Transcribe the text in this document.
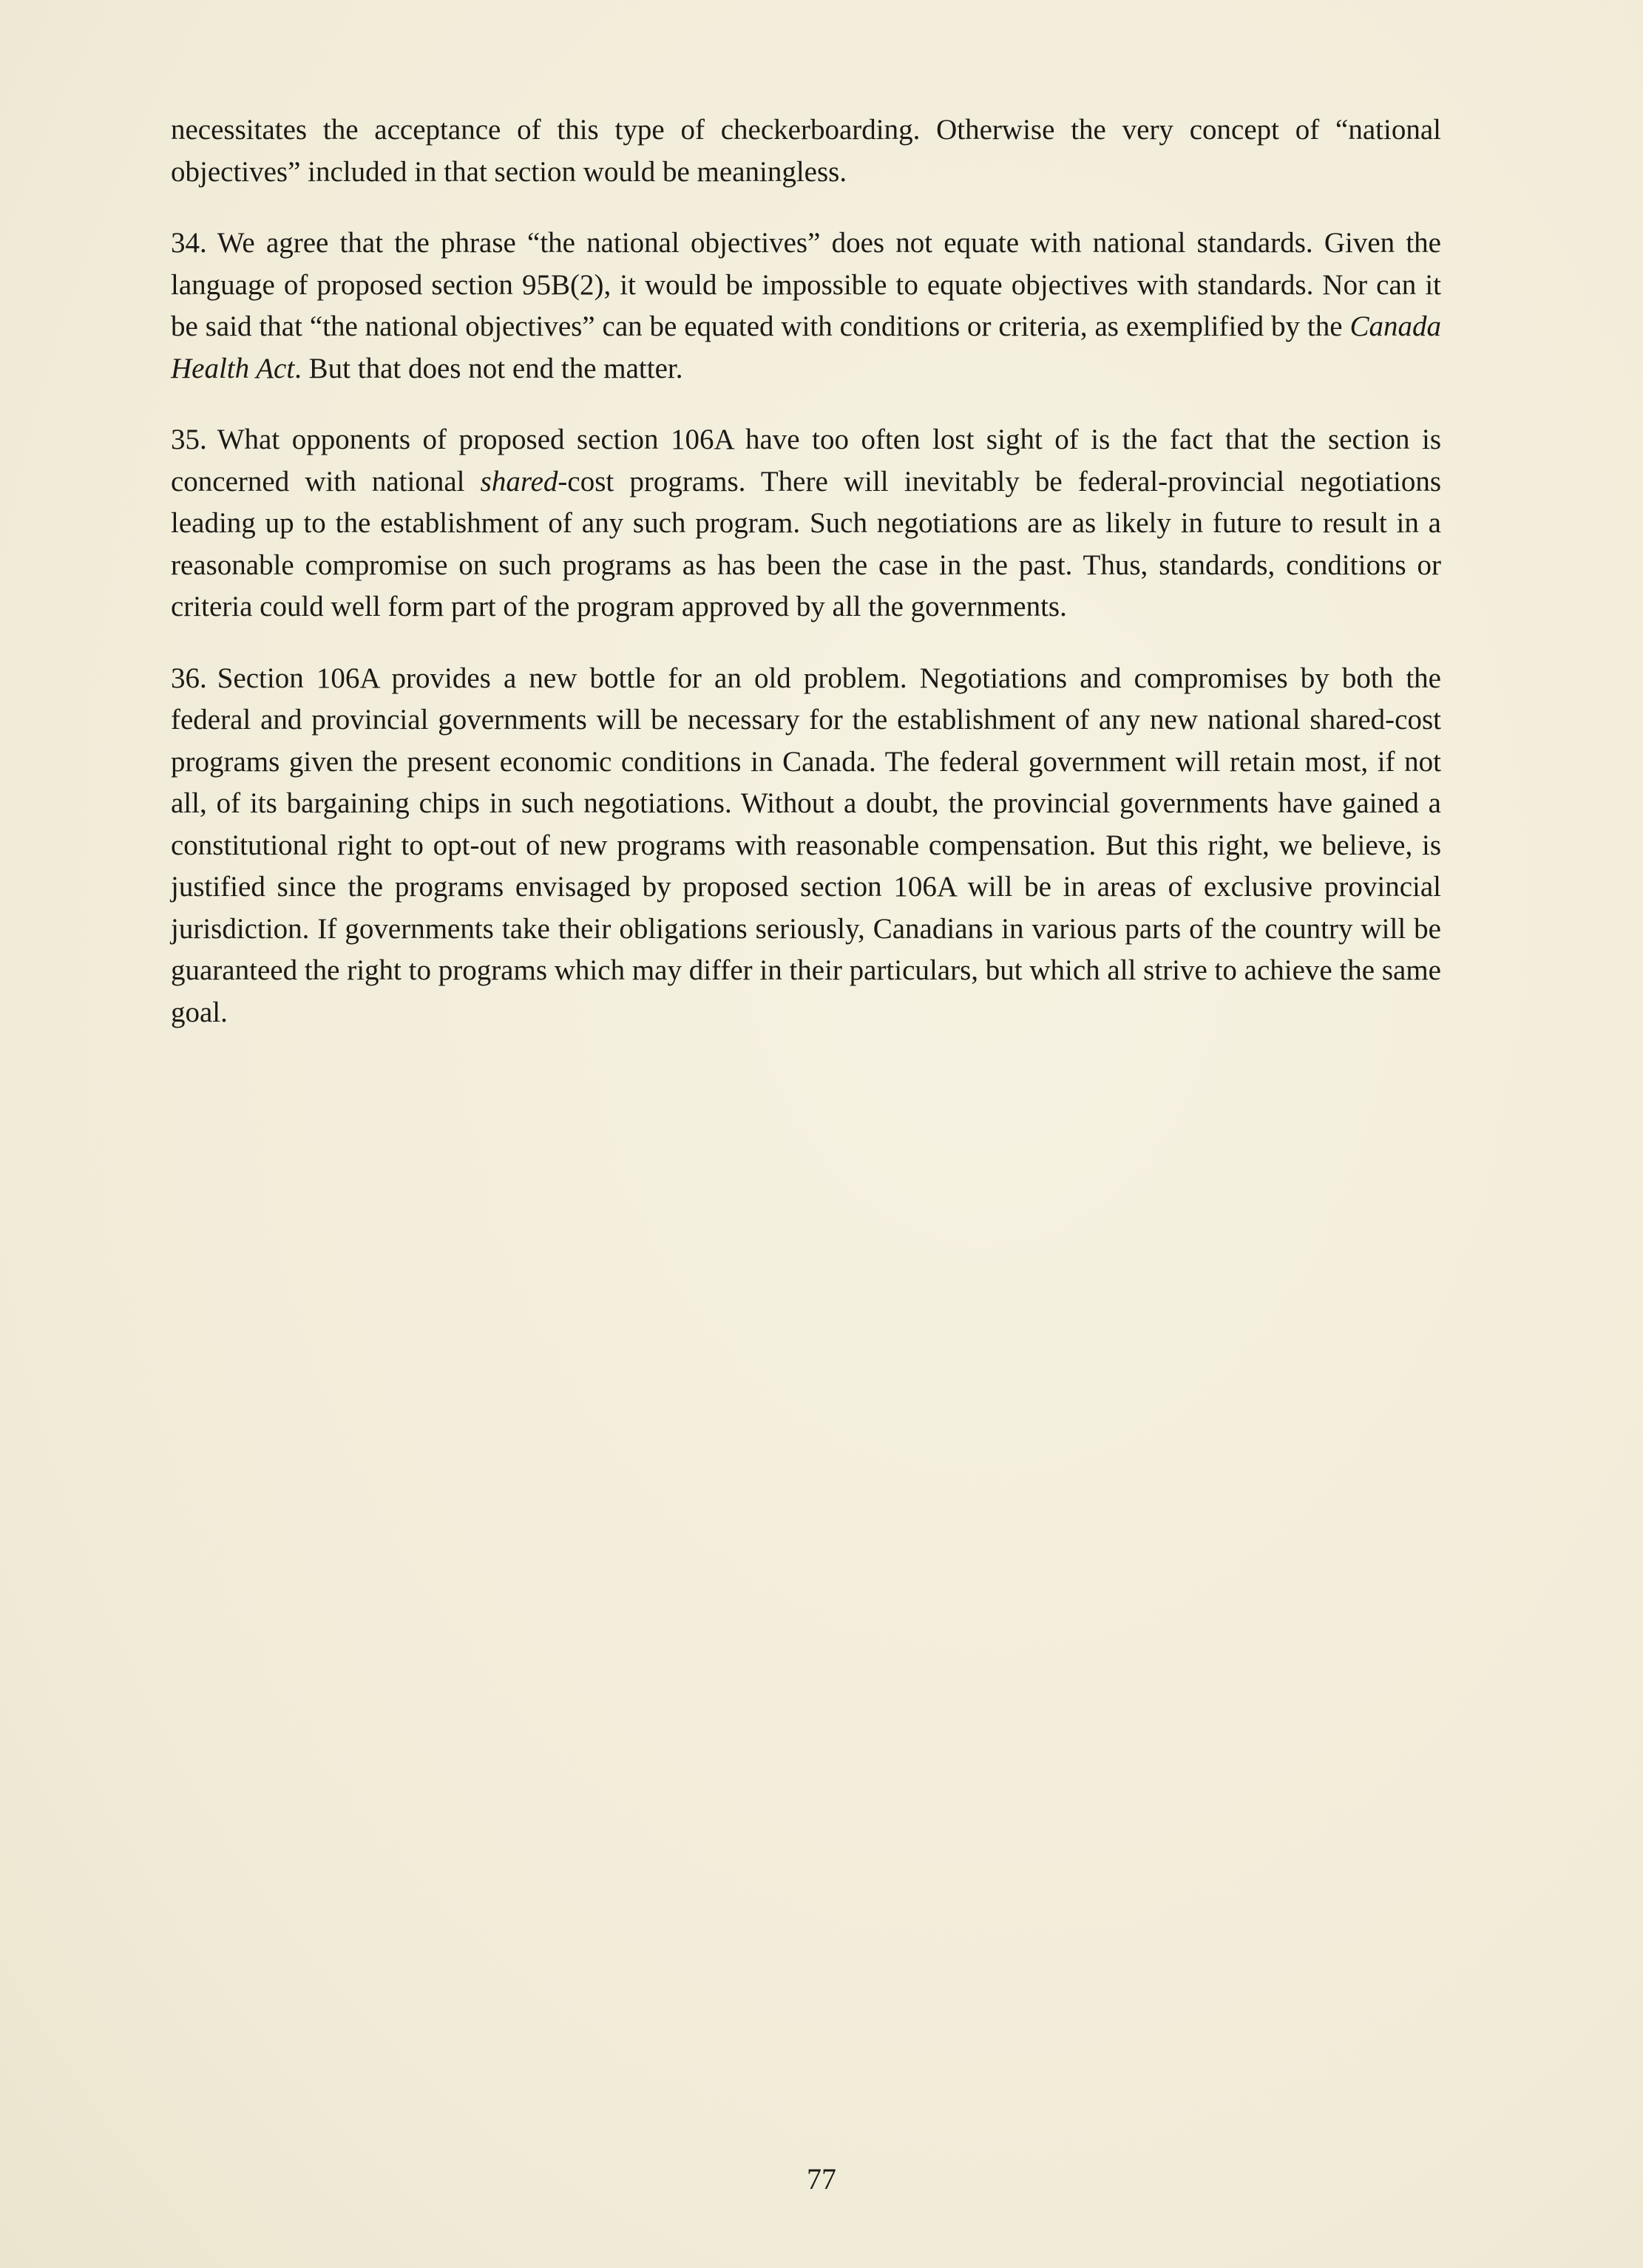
necessitates the acceptance of this type of checkerboarding. Otherwise the very concept of “national objectives” included in that section would be meaningless.

34. We agree that the phrase “the national objectives” does not equate with national standards. Given the language of proposed section 95B(2), it would be impossible to equate objectives with standards. Nor can it be said that “the national objectives” can be equated with conditions or criteria, as exemplified by the Canada Health Act. But that does not end the matter.

35. What opponents of proposed section 106A have too often lost sight of is the fact that the section is concerned with national shared-cost programs. There will inevitably be federal-provincial negotiations leading up to the establishment of any such program. Such negotiations are as likely in future to result in a reasonable compromise on such programs as has been the case in the past. Thus, standards, conditions or criteria could well form part of the program approved by all the governments.

36. Section 106A provides a new bottle for an old problem. Negotiations and compromises by both the federal and provincial governments will be necessary for the establishment of any new national shared-cost programs given the present economic conditions in Canada. The federal government will retain most, if not all, of its bargaining chips in such negotiations. Without a doubt, the provincial governments have gained a constitutional right to opt-out of new programs with reasonable compensation. But this right, we believe, is justified since the programs envisaged by proposed section 106A will be in areas of exclusive provincial jurisdiction. If governments take their obligations seriously, Canadians in various parts of the country will be guaranteed the right to programs which may differ in their particulars, but which all strive to achieve the same goal.

77
